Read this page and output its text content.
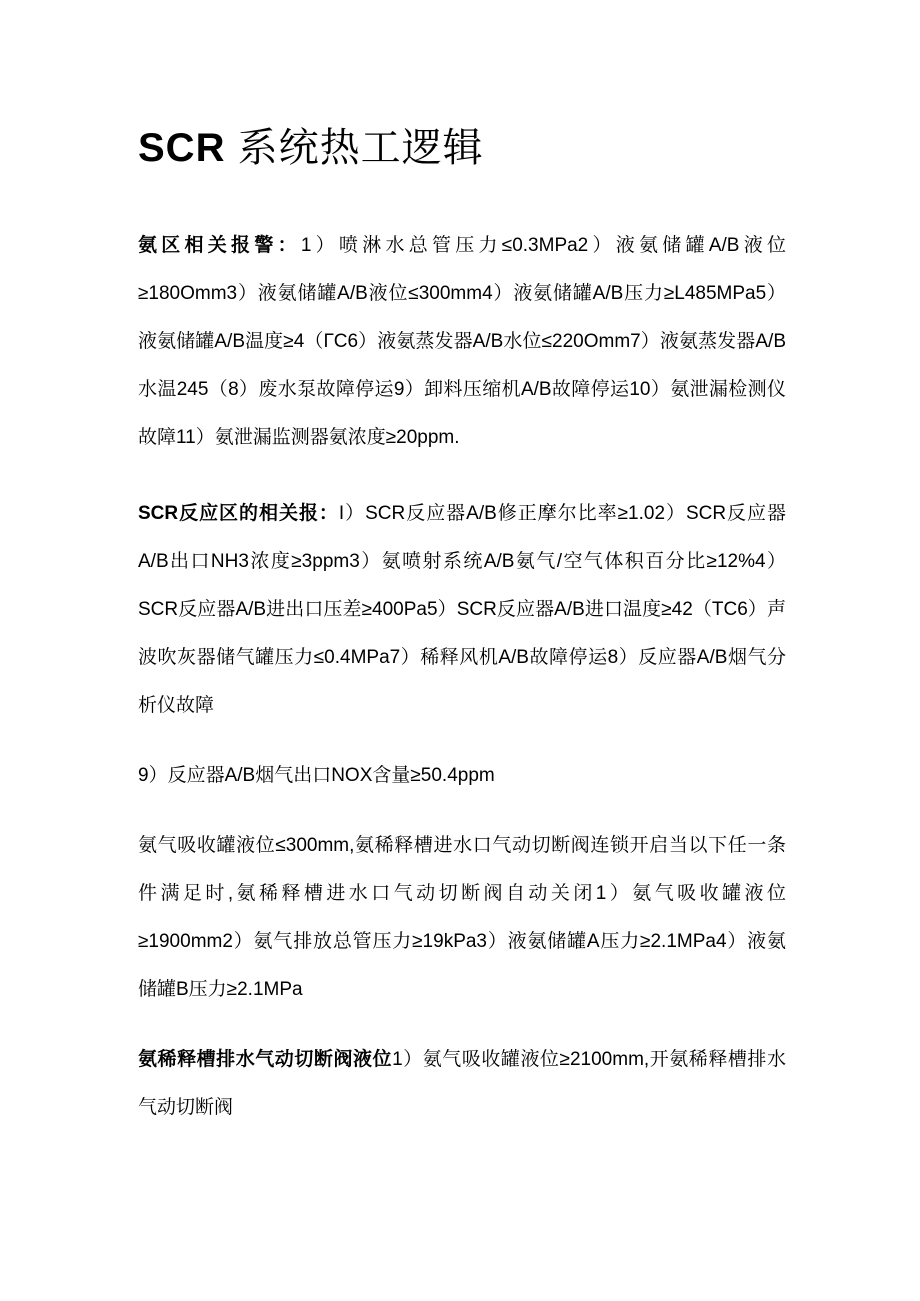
SCR 系统热工逻辑

氨区相关报警：1）喷淋水总管压力≤0.3MPa2）液氨储罐A/B液位≥180Omm3）液氨储罐A/B液位≤300mm4）液氨储罐A/B压力≥L485MPa5）液氨储罐A/B温度≥4（ГC6）液氨蒸发器A/B水位≤220Omm7）液氨蒸发器A/B水温245（8）废水泵故障停运9）卸料压缩机A/B故障停运10）氨泄漏检测仪故障11）氨泄漏监测器氨浓度≥20ppm.

SCR反应区的相关报：I）SCR反应器A/B修正摩尔比率≥1.02）SCR反应器A/B出口NH3浓度≥3ppm3）氨喷射系统A/B氨气/空气体积百分比≥12%4）SCR反应器A/B进出口压差≥400Pa5）SCR反应器A/B进口温度≥42（TC6）声波吹灰器储气罐压力≤0.4MPa7）稀释风机A/B故障停运8）反应器A/B烟气分析仪故障

9）反应器A/B烟气出口NOX含量≥50.4ppm

氨气吸收罐液位≤300mm,氨稀释槽进水口气动切断阀连锁开启当以下任一条件满足时,氨稀释槽进水口气动切断阀自动关闭1）氨气吸收罐液位≥1900mm2）氨气排放总管压力≥19kPa3）液氨储罐A压力≥2.1MPa4）液氨储罐B压力≥2.1MPa

氨稀释槽排水气动切断阀液位1）氨气吸收罐液位≥2100mm,开氨稀释槽排水气动切断阀
